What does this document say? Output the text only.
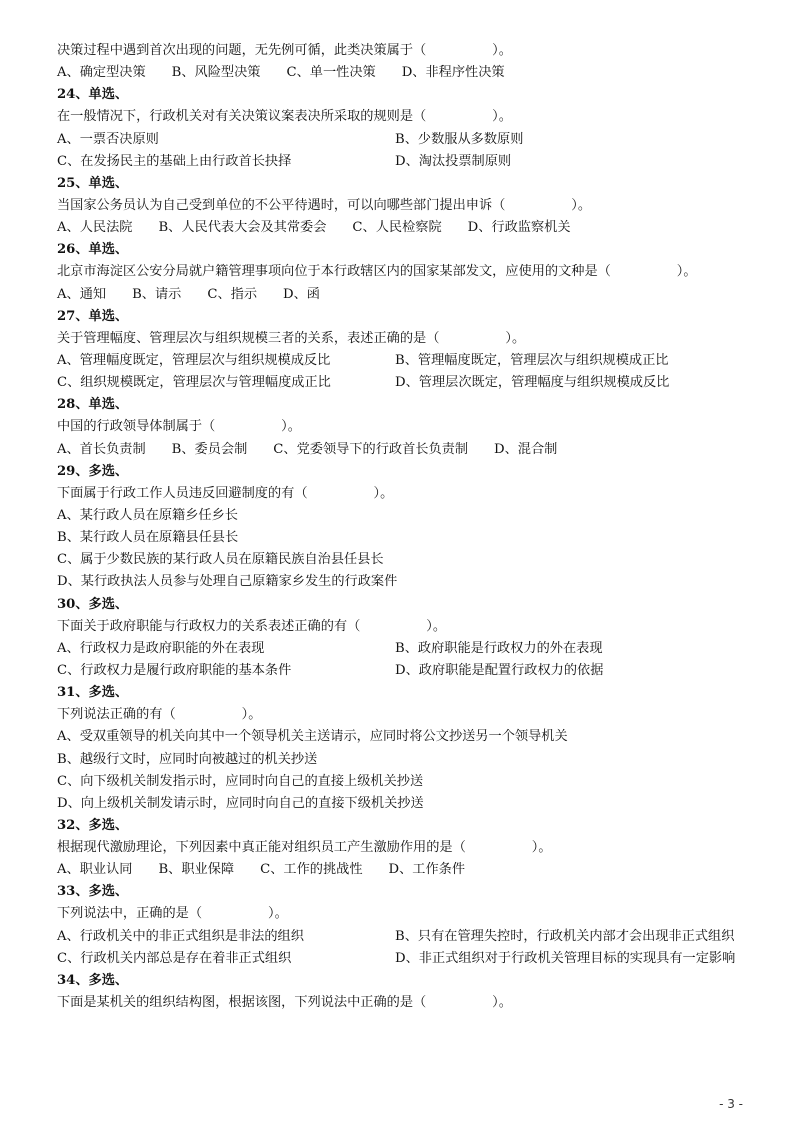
决策过程中遇到首次出现的问题，无先例可循，此类决策属于（　　　　　）。
A、确定型决策 B、风险型决策 C、单一性决策 D、非程序性决策
24、单选、
在一般情况下，行政机关对有关决策议案表决所采取的规则是（　　　　　）。
A、一票否决原则	B、少数服从多数原则
C、在发扬民主的基础上由行政首长抉择	D、淘汰投票制原则
25、单选、
当国家公务员认为自己受到单位的不公平待遇时，可以向哪些部门提出申诉（　　　　　）。
A、人民法院 B、人民代表大会及其常委会 C、人民检察院 D、行政监察机关
26、单选、
北京市海淀区公安分局就户籍管理事项向位于本行政辖区内的国家某部发文，应使用的文种是（　　　　　）。
A、通知 B、请示 C、指示 D、函
27、单选、
关于管理幅度、管理层次与组织规模三者的关系，表述正确的是（　　　　　）。
A、管理幅度既定，管理层次与组织规模成反比	B、管理幅度既定，管理层次与组织规模成正比
C、组织规模既定，管理层次与管理幅度成正比	D、管理层次既定，管理幅度与组织规模成反比
28、单选、
中国的行政领导体制属于（　　　　　）。
A、首长负责制 B、委员会制 C、党委领导下的行政首长负责制 D、混合制
29、多选、
下面属于行政工作人员违反回避制度的有（　　　　　）。
A、某行政人员在原籍乡任乡长
B、某行政人员在原籍县任县长
C、属于少数民族的某行政人员在原籍民族自治县任县长
D、某行政执法人员参与处理自己原籍家乡发生的行政案件
30、多选、
下面关于政府职能与行政权力的关系表述正确的有（　　　　　）。
A、行政权力是政府职能的外在表现	B、政府职能是行政权力的外在表现
C、行政权力是履行政府职能的基本条件	D、政府职能是配置行政权力的依据
31、多选、
下列说法正确的有（　　　　　）。
A、受双重领导的机关向其中一个领导机关主送请示，应同时将公文抄送另一个领导机关
B、越级行文时，应同时向被越过的机关抄送
C、向下级机关制发指示时，应同时向自己的直接上级机关抄送
D、向上级机关制发请示时，应同时向自己的直接下级机关抄送
32、多选、
根据现代激励理论，下列因素中真正能对组织员工产生激励作用的是（　　　　　）。
A、职业认同 B、职业保障 C、工作的挑战性 D、工作条件
33、多选、
下列说法中，正确的是（　　　　　）。
A、行政机关中的非正式组织是非法的组织	B、只有在管理失控时，行政机关内部才会出现非正式组织
C、行政机关内部总是存在着非正式组织	D、非正式组织对于行政机关管理目标的实现具有一定影响
34、多选、
下面是某机关的组织结构图，根据该图，下列说法中正确的是（　　　　　）。
- 3 -
